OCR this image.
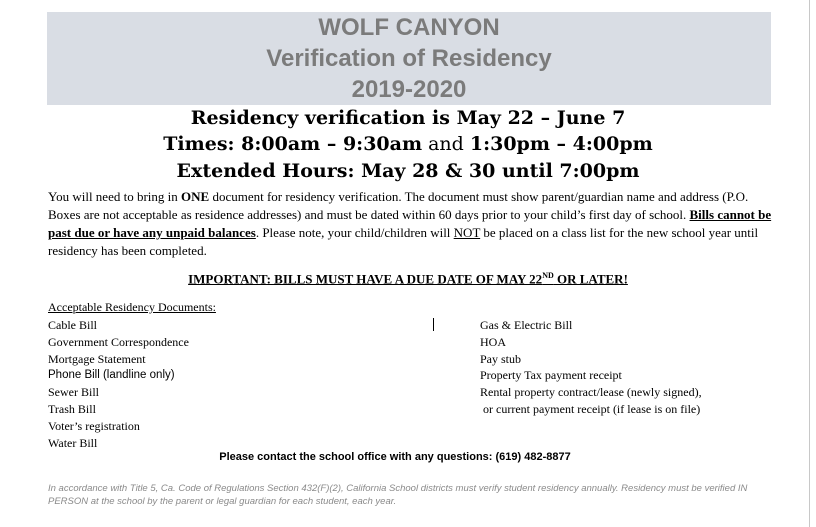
WOLF CANYON
Verification of Residency
2019-2020
Residency verification is May 22 – June 7
Times: 8:00am – 9:30am and 1:30pm – 4:00pm
Extended Hours: May 28 & 30 until 7:00pm
You will need to bring in ONE document for residency verification. The document must show parent/guardian name and address (P.O. Boxes are not acceptable as residence addresses) and must be dated within 60 days prior to your child’s first day of school. Bills cannot be past due or have any unpaid balances. Please note, your child/children will NOT be placed on a class list for the new school year until residency has been completed.
IMPORTANT: BILLS MUST HAVE A DUE DATE OF MAY 22ND OR LATER!
Acceptable Residency Documents:
Cable Bill
Government Correspondence
Mortgage Statement
Phone Bill (landline only)
Sewer Bill
Trash Bill
Voter’s registration
Water Bill
Gas & Electric Bill
HOA
Pay stub
Property Tax payment receipt
Rental property contract/lease (newly signed),
or current payment receipt (if lease is on file)
Please contact the school office with any questions: (619) 482-8877
In accordance with Title 5, Ca. Code of Regulations Section 432(F)(2), California School districts must verify student residency annually. Residency must be verified IN PERSON at the school by the parent or legal guardian for each student, each year.
